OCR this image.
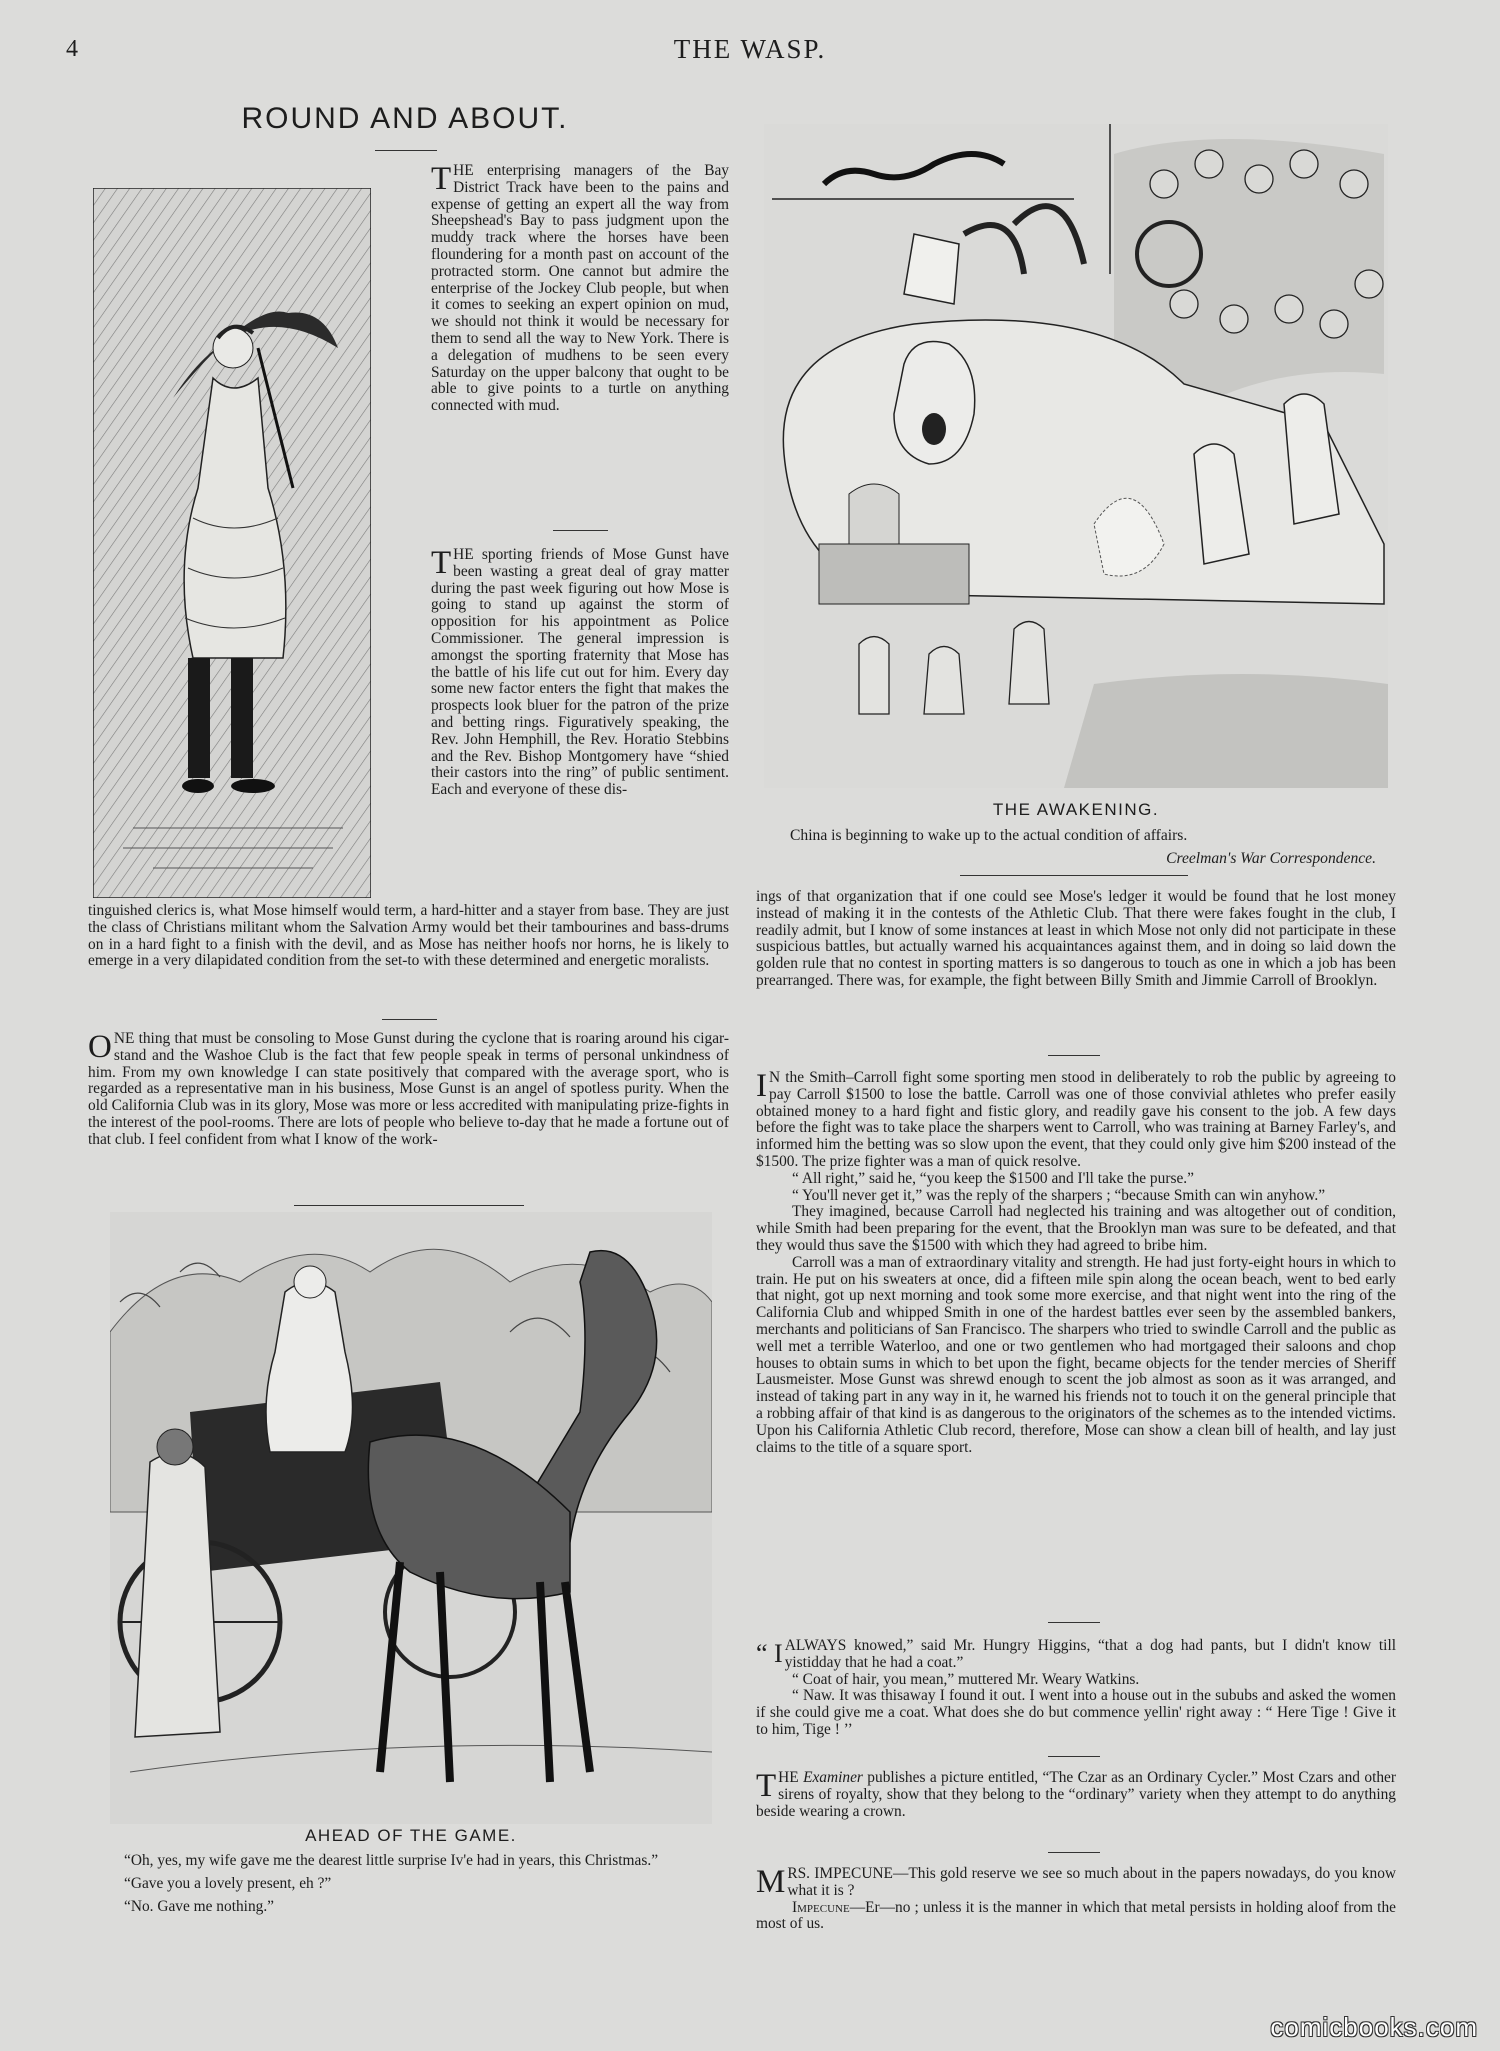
4	THE WASP.
ROUND AND ABOUT.

THE enterprising managers of the Bay District Track have been to the pains and expense of getting an expert all the way from Sheepshead's Bay to pass judgment upon the muddy track where the horses have been floundering for a month past on account of the protracted storm. One cannot but admire the enterprise of the Jockey Club people, but when it comes to seeking an expert opinion on mud, we should not think it would be necessary for them to send all the way to New York. There is a delegation of mudhens to be seen every Saturday on the upper balcony that ought to be able to give points to a turtle on anything connected with mud.

THE sporting friends of Mose Gunst have been wasting a great deal of gray matter during the past week figuring out how Mose is going to stand up against the storm of opposition for his appointment as Police Commissioner. The general impression is amongst the sporting fraternity that Mose has the battle of his life cut out for him. Every day some new factor enters the fight that makes the prospects look bluer for the patron of the prize and betting rings. Figuratively speaking, the Rev. John Hemphill, the Rev. Horatio Stebbins and the Rev. Bishop Montgomery have “shied their castors into the ring” of public sentiment. Each and everyone of these dis-

tinguished clerics is, what Mose himself would term, a hard-hitter and a stayer from base. They are just the class of Christians militant whom the Salvation Army would bet their tambourines and bass-drums on in a hard fight to a finish with the devil, and as Mose has neither hoofs nor horns, he is likely to emerge in a very dilapidated condition from the set-to with these determined and energetic moralists.

ONE thing that must be consoling to Mose Gunst during the cyclone that is roaring around his cigar-stand and the Washoe Club is the fact that few people speak in terms of personal unkindness of him. From my own knowledge I can state positively that compared with the average sport, who is regarded as a representative man in his business, Mose Gunst is an angel of spotless purity. When the old California Club was in its glory, Mose was more or less accredited with manipulating prize-fights in the interest of the pool-rooms. There are lots of people who believe to-day that he made a fortune out of that club. I feel confident from what I know of the work-

AHEAD OF THE GAME.

“Oh, yes, my wife gave me the dearest little surprise Iv'e had in years, this Christmas.”

“Gave you a lovely present, eh ?”

“No. Gave me nothing.”

THE AWAKENING.
China is beginning to wake up to the actual condition of affairs.
Creelman's War Correspondence.

ings of that organization that if one could see Mose's ledger it would be found that he lost money instead of making it in the contests of the Athletic Club. That there were fakes fought in the club, I readily admit, but I know of some instances at least in which Mose not only did not participate in these suspicious battles, but actually warned his acquaintances against them, and in doing so laid down the golden rule that no contest in sporting matters is so dangerous to touch as one in which a job has been prearranged. There was, for example, the fight between Billy Smith and Jimmie Carroll of Brooklyn.

I N the Smith–Carroll fight some sporting men stood in deliberately to rob the public by agreeing to pay Carroll $1500 to lose the battle. Carroll was one of those convivial athletes who prefer easily obtained money to a hard fight and fistic glory, and readily gave his consent to the job. A few days before the fight was to take place the sharpers went to Carroll, who was training at Barney Farley's, and informed him the betting was so slow upon the event, that they could only give him $200 instead of the $1500. The prize fighter was a man of quick resolve.

“ All right,” said he, “you keep the $1500 and I'll take the purse.”

“ You'll never get it,” was the reply of the sharpers ; “because Smith can win anyhow.”

They imagined, because Carroll had neglected his training and was altogether out of condition, while Smith had been preparing for the event, that the Brooklyn man was sure to be defeated, and that they would thus save the $1500 with which they had agreed to bribe him.

Carroll was a man of extraordinary vitality and strength. He had just forty-eight hours in which to train. He put on his sweaters at once, did a fifteen mile spin along the ocean beach, went to bed early that night, got up next morning and took some more exercise, and that night went into the ring of the California Club and whipped Smith in one of the hardest battles ever seen by the assembled bankers, merchants and politicians of San Francisco. The sharpers who tried to swindle Carroll and the public as well met a terrible Waterloo, and one or two gentlemen who had mortgaged their saloons and chop houses to obtain sums in which to bet upon the fight, became objects for the tender mercies of Sheriff Lausmeister. Mose Gunst was shrewd enough to scent the job almost as soon as it was arranged, and instead of taking part in any way in it, he warned his friends not to touch it on the general principle that a robbing affair of that kind is as dangerous to the originators of the schemes as to the intended victims. Upon his California Athletic Club record, therefore, Mose can show a clean bill of health, and lay just claims to the title of a square sport.

“ I ALWAYS knowed,” said Mr. Hungry Higgins, “that a dog had pants, but I didn't know till yistidday that he had a coat.”

“ Coat of hair, you mean,” muttered Mr. Weary Watkins.

“ Naw. It was thisaway I found it out. I went into a house out in the sububs and asked the women if she could give me a coat. What does she do but commence yellin' right away : “ Here Tige ! Give it to him, Tige ! ’’

THE Examiner publishes a picture entitled, “The Czar as an Ordinary Cycler.” Most Czars and other sirens of royalty, show that they belong to the “ordinary” variety when they attempt to do anything beside wearing a crown.

MRS. IMPECUNE—This gold reserve we see so much about in the papers nowadays, do you know what it is ?

Impecune—Er—no ; unless it is the manner in which that metal persists in holding aloof from the most of us.

comicbooks.com
